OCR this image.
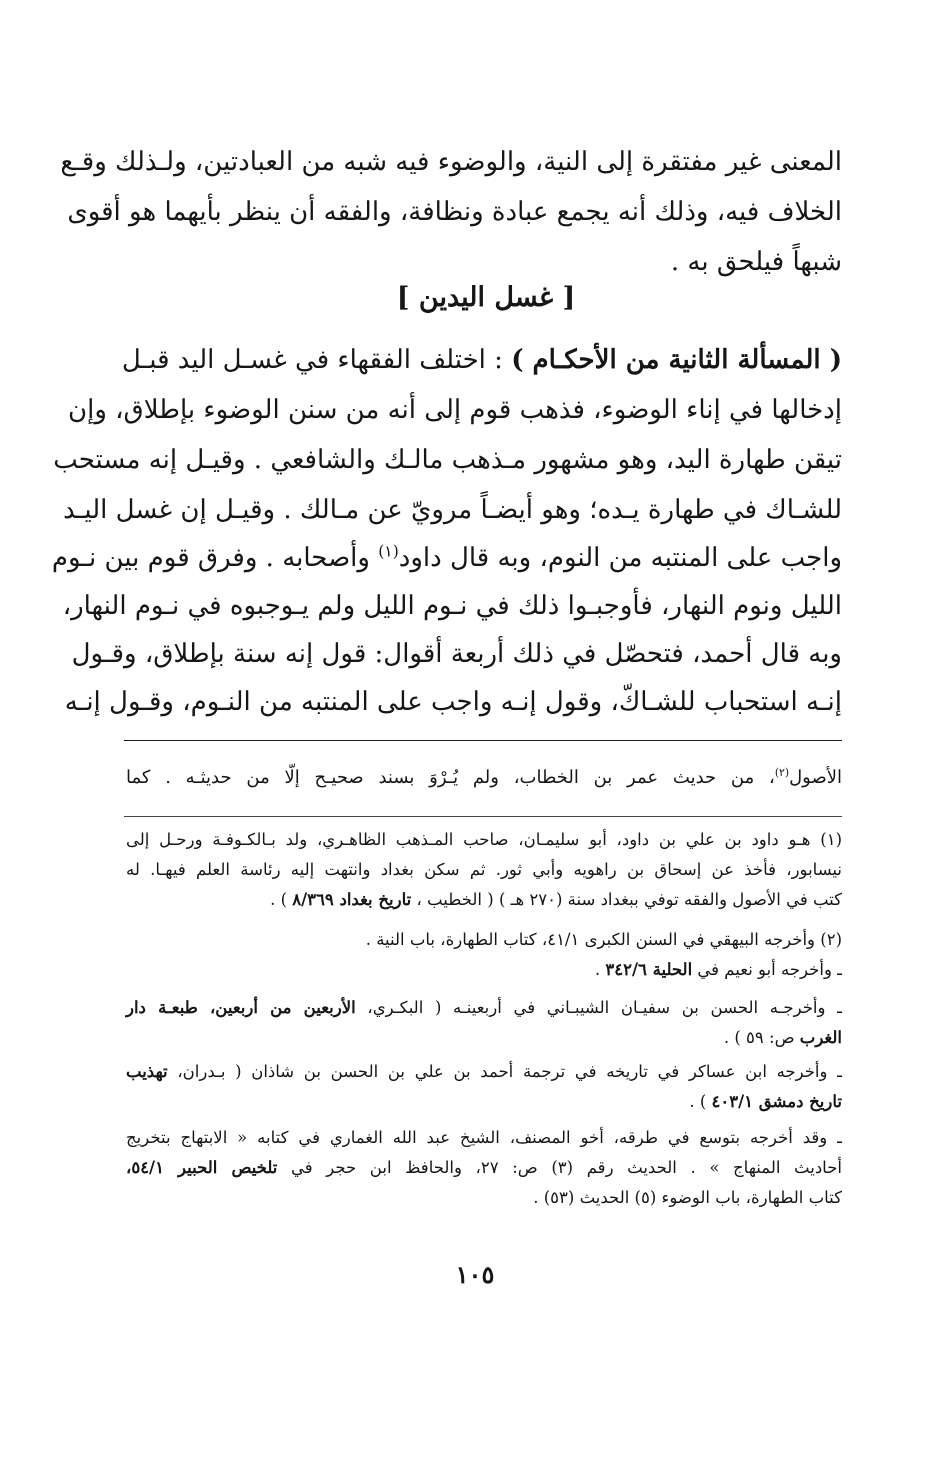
المعنى غير مفتقرة إلى النية، والوضوء فيه شبه من العبادتين، ولـذلك وقـع
الخلاف فيه، وذلك أنه يجمع عبادة ونظافة، والفقه أن ينظر بأيهما هو أقوى
شبهاً فيلحق به .
[ غسل اليدين ]
( المسألة الثانية من الأحكـام ) : اختلف الفقهاء في غسـل اليد قبـل
إدخالها في إناء الوضوء، فذهب قوم إلى أنه من سنن الوضوء بإطلاق، وإن
تيقن طهارة اليد، وهو مشهور مـذهب مالـك والشافعي . وقيـل إنه مستحب
للشـاك في طهارة يـده؛ وهو أيضـاً مرويّ عن مـالك . وقيـل إن غسل اليـد
واجب على المنتبه من النوم، وبه قال داود$^{(١)}$ وأصحابه . وفرق قوم بين نـوم
الليل ونوم النهار، فأوجبـوا ذلك في نـوم الليل ولم يـوجبوه في نـوم النهار،
وبه قال أحمد، فتحصّل في ذلك أربعة أقوال: قول إنه سنة بإطلاق، وقـول
إنـه استحباب للشـاكّ، وقول إنـه واجب على المنتبه من النـوم، وقـول إنـه
الأصول$^{(٢)}$، من حديث عمر بن الخطاب، ولم يُـرْوَ بسند صحيـح إلّا من حديثـه . كما
(١) هـو داود بن علي بن داود، أبو سليمـان، صاحب المـذهب الظاهـري، ولد بـالكـوفـة ورحـل إلى
نيسابور، فأخذ عن إسحاق بن راهويه وأبي ثور. ثم سكن بغداد وانتهت إليه رئاسة العلم فيهـا. له
كتب في الأصول والفقه توفي ببغداد سنة (٢٧٠ هـ ) ( الخطيب ، تاريخ بغداد ٨/٣٦٩ ) .
(٢) وأخرجه البيهقي في السنن الكبرى ٤١/١، كتاب الطهارة، باب النية .
ـ وأخرجه أبو نعيم في الحلية ٣٤٢/٦ .
ـ وأخرجـه الحسن بن سفيـان الشيبـاني في أربعينـه ( البكـري، الأربعين من أربعين، طبعـة دار
الغرب ص: ٥٩ ) .
ـ وأخرجه ابن عساكر في تاريخه في ترجمة أحمد بن علي بن الحسن بن شاذان ( بـدران، تهذيب
تاريخ دمشق ٤٠٣/١ ) .
ـ وقد أخرجه بتوسع في طرقه، أخو المصنف، الشيخ عبد الله الغماري في كتابه « الابتهاج بتخريج
أحاديث المنهاج » . الحديث رقم (٣) ص: ٢٧، والحافظ ابن حجر في تلخيص الحبير ٥٤/١،
كتاب الطهارة، باب الوضوء (٥) الحديث (٥٣) .
١٠٥
